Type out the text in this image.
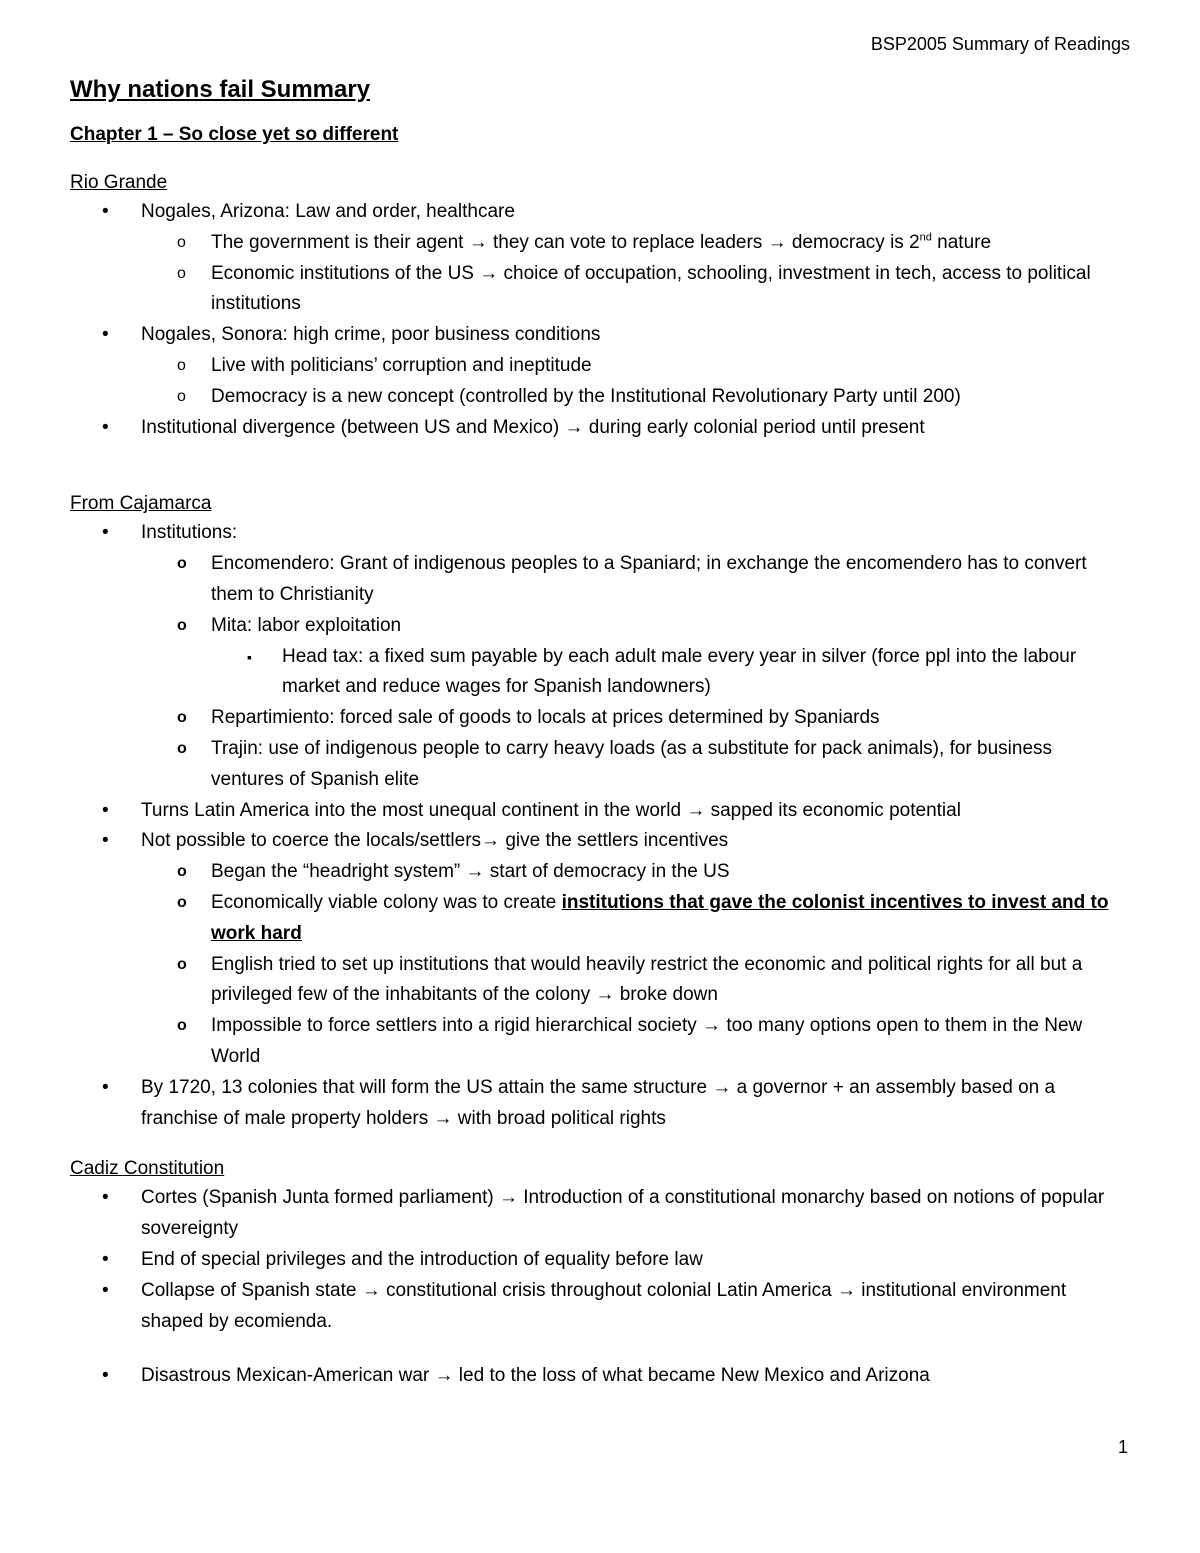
BSP2005 Summary of Readings
Why nations fail Summary
Chapter 1 – So close yet so different
Rio Grande
• Nogales, Arizona: Law and order, healthcare
o The government is their agent → they can vote to replace leaders → democracy is 2nd nature
o Economic institutions of the US → choice of occupation, schooling, investment in tech, access to political institutions
• Nogales, Sonora: high crime, poor business conditions
o Live with politicians’ corruption and ineptitude
o Democracy is a new concept (controlled by the Institutional Revolutionary Party until 200)
• Institutional divergence (between US and Mexico) → during early colonial period until present
From Cajamarca
• Institutions:
o Encomendero: Grant of indigenous peoples to a Spaniard; in exchange the encomendero has to convert them to Christianity
o Mita: labor exploitation
▪ Head tax: a fixed sum payable by each adult male every year in silver (force ppl into the labour market and reduce wages for Spanish landowners)
o Repartimiento: forced sale of goods to locals at prices determined by Spaniards
o Trajin: use of indigenous people to carry heavy loads (as a substitute for pack animals), for business ventures of Spanish elite
• Turns Latin America into the most unequal continent in the world → sapped its economic potential
• Not possible to coerce the locals/settlers→ give the settlers incentives
o Began the “headright system” → start of democracy in the US
o Economically viable colony was to create institutions that gave the colonist incentives to invest and to work hard
o English tried to set up institutions that would heavily restrict the economic and political rights for all but a privileged few of the inhabitants of the colony → broke down
o Impossible to force settlers into a rigid hierarchical society → too many options open to them in the New World
• By 1720, 13 colonies that will form the US attain the same structure → a governor + an assembly based on a franchise of male property holders → with broad political rights
Cadiz Constitution
• Cortes (Spanish Junta formed parliament) → Introduction of a constitutional monarchy based on notions of popular sovereignty
• End of special privileges and the introduction of equality before law
• Collapse of Spanish state → constitutional crisis throughout colonial Latin America → institutional environment shaped by ecomienda.
• Disastrous Mexican-American war → led to the loss of what became New Mexico and Arizona
1
